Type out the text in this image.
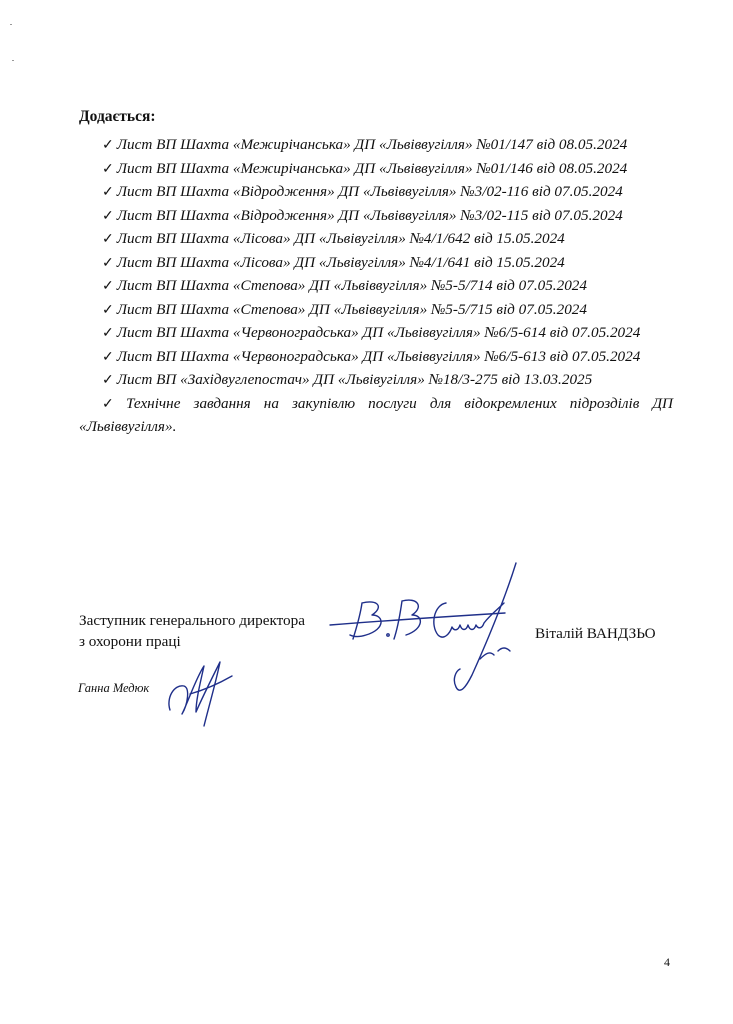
Додається:
✓ Лист ВП Шахта «Межирічанська» ДП «Львіввугілля» №01/147 від 08.05.2024
✓ Лист ВП Шахта «Межирічанська» ДП «Львіввугілля» №01/146 від 08.05.2024
✓ Лист ВП Шахта «Відродження» ДП «Львіввугілля» №3/02-116 від 07.05.2024
✓ Лист ВП Шахта «Відродження» ДП «Львіввугілля» №3/02-115 від 07.05.2024
✓ Лист ВП Шахта «Лісова» ДП «Львівугілля» №4/1/642 від 15.05.2024
✓ Лист ВП Шахта «Лісова» ДП «Львівугілля» №4/1/641 від 15.05.2024
✓ Лист ВП Шахта «Степова» ДП «Львіввугілля» №5-5/714 від 07.05.2024
✓ Лист ВП Шахта «Степова» ДП «Львіввугілля» №5-5/715 від 07.05.2024
✓ Лист ВП Шахта «Червоноградська» ДП «Львіввугілля» №6/5-614 від 07.05.2024
✓ Лист ВП Шахта «Червоноградська» ДП «Львіввугілля» №6/5-613 від 07.05.2024
✓ Лист ВП «Західвуглепостач» ДП «Львівугілля» №18/3-275 від 13.03.2025
✓ Технічне завдання на закупівлю послуги для відокремлених підрозділів ДП «Львіввугілля».
Заступник генерального директора
з охорони праці	Віталій ВАНДЗЬО
Ганна Медюк
4
